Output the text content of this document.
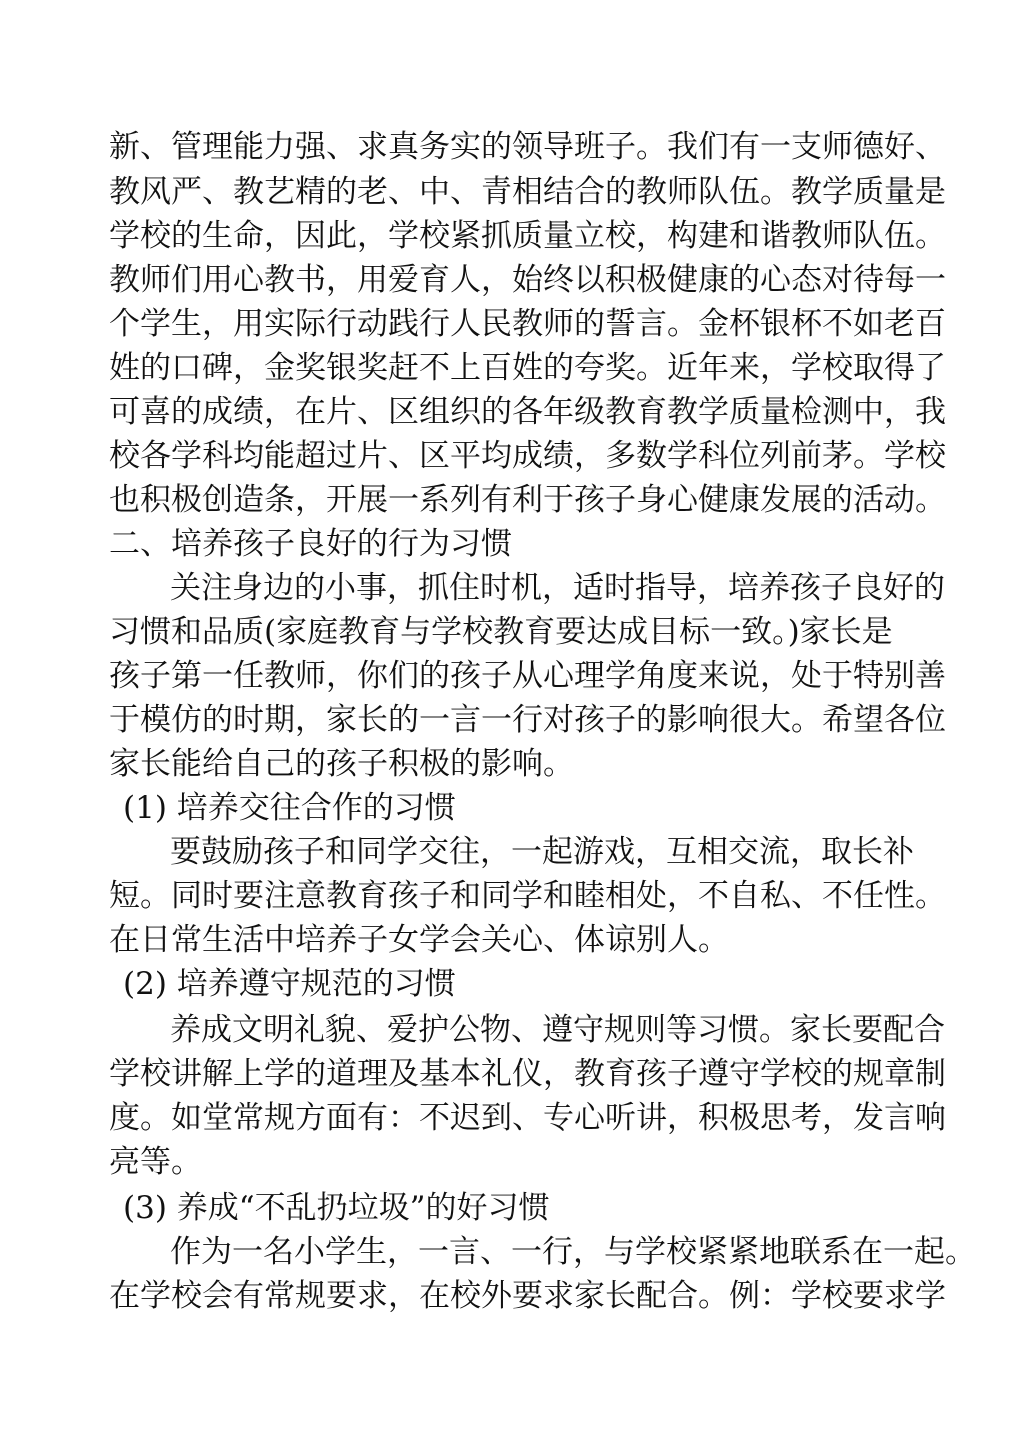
新、管理能力强、求真务实的领导班子。我们有一支师德好、
教风严、教艺精的老、中、青相结合的教师队伍。教学质量是
学校的生命，因此，学校紧抓质量立校，构建和谐教师队伍。
教师们用心教书，用爱育人，始终以积极健康的心态对待每一
个学生，用实际行动践行人民教师的誓言。金杯银杯不如老百
姓的口碑，金奖银奖赶不上百姓的夸奖。近年来，学校取得了
可喜的成绩，在片、区组织的各年级教育教学质量检测中，我
校各学科均能超过片、区平均成绩，多数学科位列前茅。学校
也积极创造条，开展一系列有利于孩子身心健康发展的活动。
二、培养孩子良好的行为习惯
关注身边的小事，抓住时机，适时指导，培养孩子良好的
习惯和品质(家庭教育与学校教育要达成目标一致。)家长是
孩子第一任教师，你们的孩子从心理学角度来说，处于特别善
于模仿的时期，家长的一言一行对孩子的影响很大。希望各位
家长能给自己的孩子积极的影响。
(1) 培养交往合作的习惯
要鼓励孩子和同学交往，一起游戏，互相交流，取长补
短。同时要注意教育孩子和同学和睦相处，不自私、不任性。
在日常生活中培养子女学会关心、体谅别人。
(2) 培养遵守规范的习惯
养成文明礼貌、爱护公物、遵守规则等习惯。家长要配合
学校讲解上学的道理及基本礼仪，教育孩子遵守学校的规章制
度。如堂常规方面有：不迟到、专心听讲，积极思考，发言响
亮等。
(3) 养成“不乱扔垃圾”的好习惯
作为一名小学生，一言、一行，与学校紧紧地联系在一起。
在学校会有常规要求，在校外要求家长配合。例：学校要求学
